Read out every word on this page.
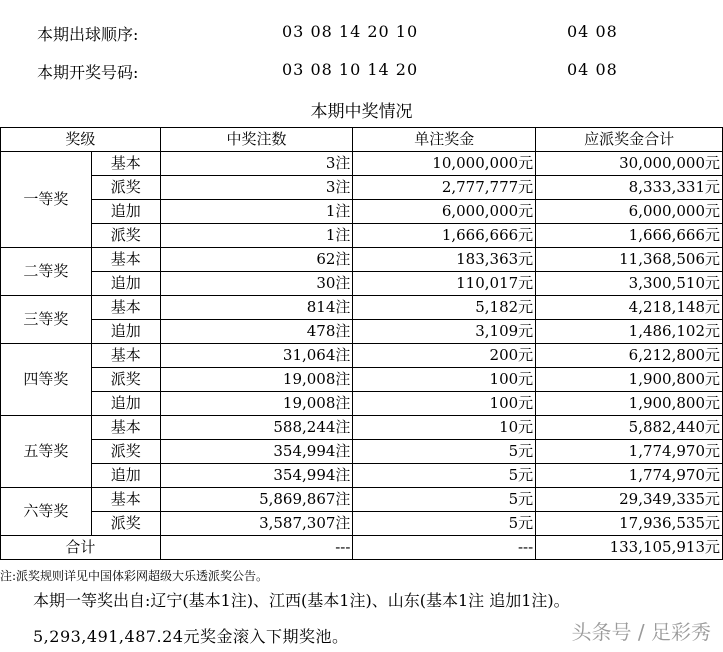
本期出球顺序:	03 08 14 20 10	04 08
本期开奖号码:	03 08 10 14 20	04 08
本期中奖情况
奖级		中奖注数	单注奖金	应派奖金合计
一等奖	基本	3注	10,000,000元	30,000,000元
	派奖	3注	2,777,777元	8,333,331元
	追加	1注	6,000,000元	6,000,000元
	派奖	1注	1,666,666元	1,666,666元
二等奖	基本	62注	183,363元	11,368,506元
	追加	30注	110,017元	3,300,510元
三等奖	基本	814注	5,182元	4,218,148元
	追加	478注	3,109元	1,486,102元
四等奖	基本	31,064注	200元	6,212,800元
	派奖	19,008注	100元	1,900,800元
	追加	19,008注	100元	1,900,800元
五等奖	基本	588,244注	10元	5,882,440元
	派奖	354,994注	5元	1,774,970元
	追加	354,994注	5元	1,774,970元
六等奖	基本	5,869,867注	5元	29,349,335元
	派奖	3,587,307注	5元	17,936,535元
合计		---	---	133,105,913元
注:派奖规则详见中国体彩网超级大乐透派奖公告。
本期一等奖出自:辽宁(基本1注)、江西(基本1注)、山东(基本1注 追加1注)。
5,293,491,487.24元奖金滚入下期奖池。	头条号 / 足彩秀
